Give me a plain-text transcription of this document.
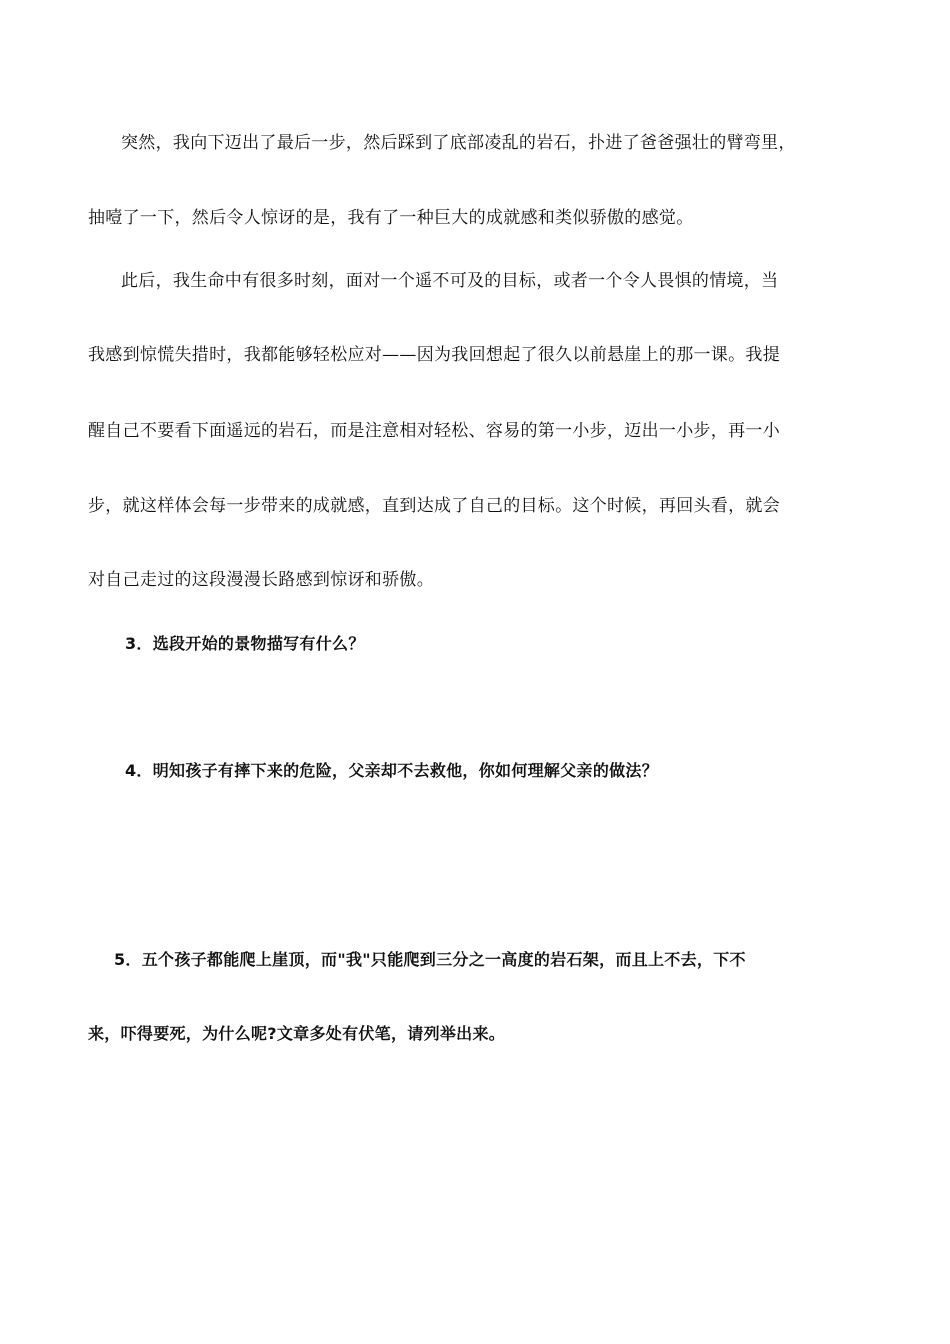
突然，我向下迈出了最后一步，然后踩到了底部凌乱的岩石，扑进了爸爸强壮的臂弯里，
抽噎了一下，然后令人惊讶的是，我有了一种巨大的成就感和类似骄傲的感觉。
此后，我生命中有很多时刻，面对一个遥不可及的目标，或者一个令人畏惧的情境，当
我感到惊慌失措时，我都能够轻松应对——因为我回想起了很久以前悬崖上的那一课。我提
醒自己不要看下面遥远的岩石，而是注意相对轻松、容易的第一小步，迈出一小步，再一小
步，就这样体会每一步带来的成就感，直到达成了自己的目标。这个时候，再回头看，就会
对自己走过的这段漫漫长路感到惊讶和骄傲。
3．选段开始的景物描写有什么？
4．明知孩子有摔下来的危险，父亲却不去救他，你如何理解父亲的做法？
5．五个孩子都能爬上崖顶，而"我"只能爬到三分之一高度的岩石架，而且上不去，下不
来，吓得要死，为什么呢?文章多处有伏笔，请列举出来。
